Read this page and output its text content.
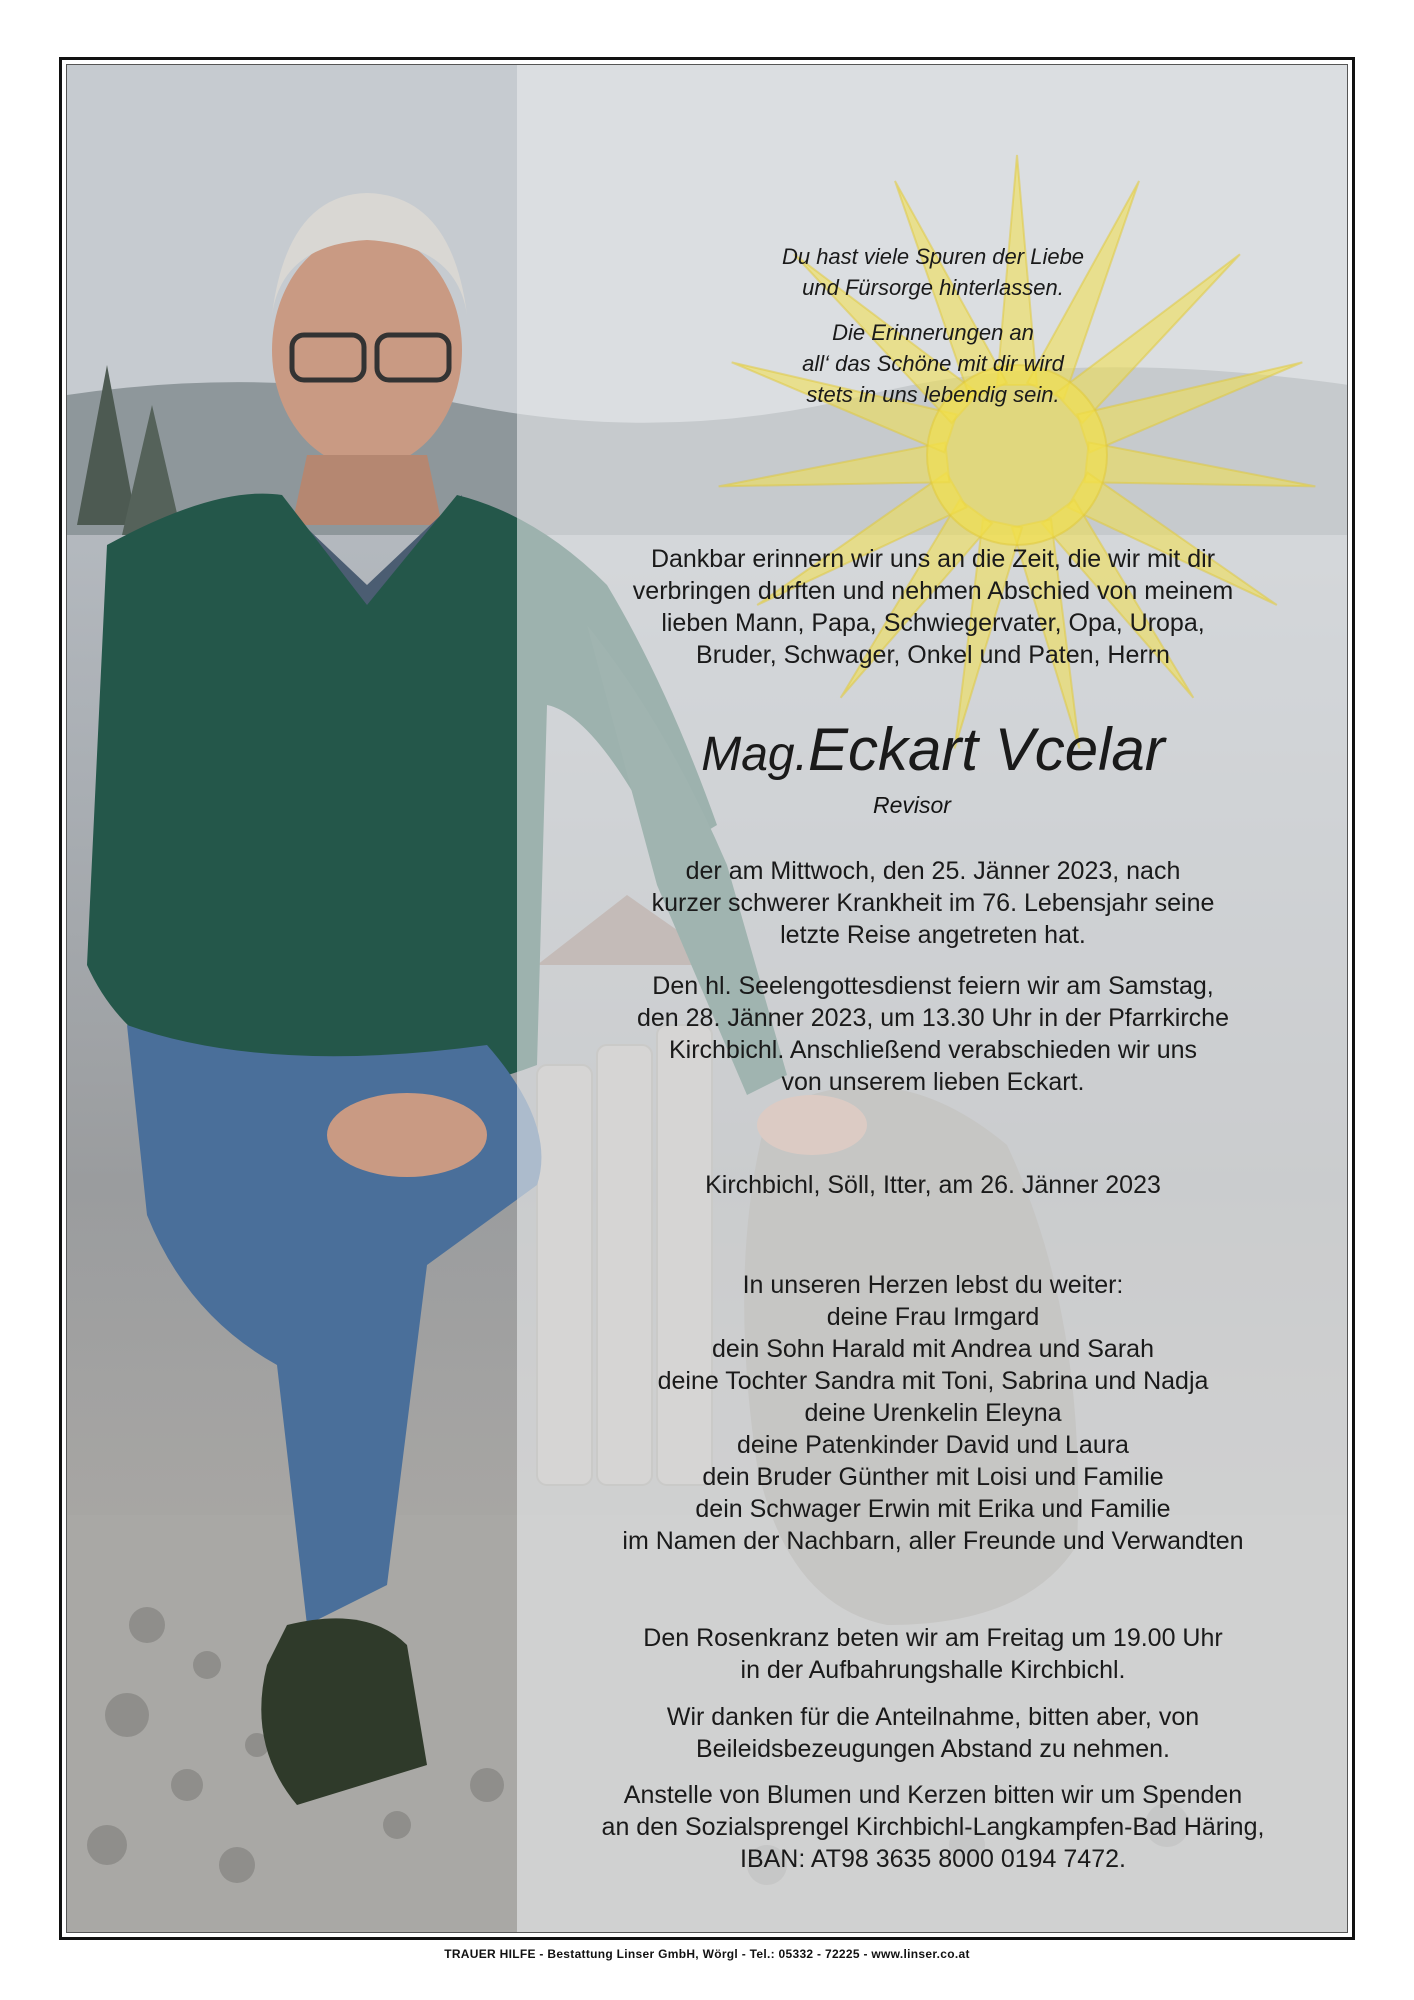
Du hast viele Spuren der Liebe

und Fürsorge hinterlassen.

Die Erinnerungen an

all‘ das Schöne mit dir wird

stets in uns lebendig sein.

Dankbar erinnern wir uns an die Zeit, die wir mit dir

verbringen durften und nehmen Abschied von meinem

lieben Mann, Papa, Schwiegervater, Opa, Uropa,

Bruder, Schwager, Onkel und Paten, Herrn

Mag.Eckart Vcelar
Revisor

der am Mittwoch, den 25. Jänner 2023, nach

kurzer schwerer Krankheit im 76. Lebensjahr seine

letzte Reise angetreten hat.

Den hl. Seelengottesdienst feiern wir am Samstag,

den 28. Jänner 2023, um 13.30 Uhr in der Pfarrkirche

Kirchbichl. Anschließend verabschieden wir uns

von unserem lieben Eckart.

Kirchbichl, Söll, Itter, am 26. Jänner 2023

In unseren Herzen lebst du weiter:

deine Frau Irmgard

dein Sohn Harald mit Andrea und Sarah

deine Tochter Sandra mit Toni, Sabrina und Nadja

deine Urenkelin Eleyna

deine Patenkinder David und Laura

dein Bruder Günther mit Loisi und Familie

dein Schwager Erwin mit Erika und Familie

im Namen der Nachbarn, aller Freunde und Verwandten

Den Rosenkranz beten wir am Freitag um 19.00 Uhr

in der Aufbahrungshalle Kirchbichl.

Wir danken für die Anteilnahme, bitten aber, von

Beileidsbezeugungen Abstand zu nehmen.

Anstelle von Blumen und Kerzen bitten wir um Spenden

an den Sozialsprengel Kirchbichl-Langkampfen-Bad Häring,

IBAN: AT98 3635 8000 0194 7472.

TRAUER HILFE - Bestattung Linser GmbH, Wörgl - Tel.: 05332 - 72225 - www.linser.co.at
